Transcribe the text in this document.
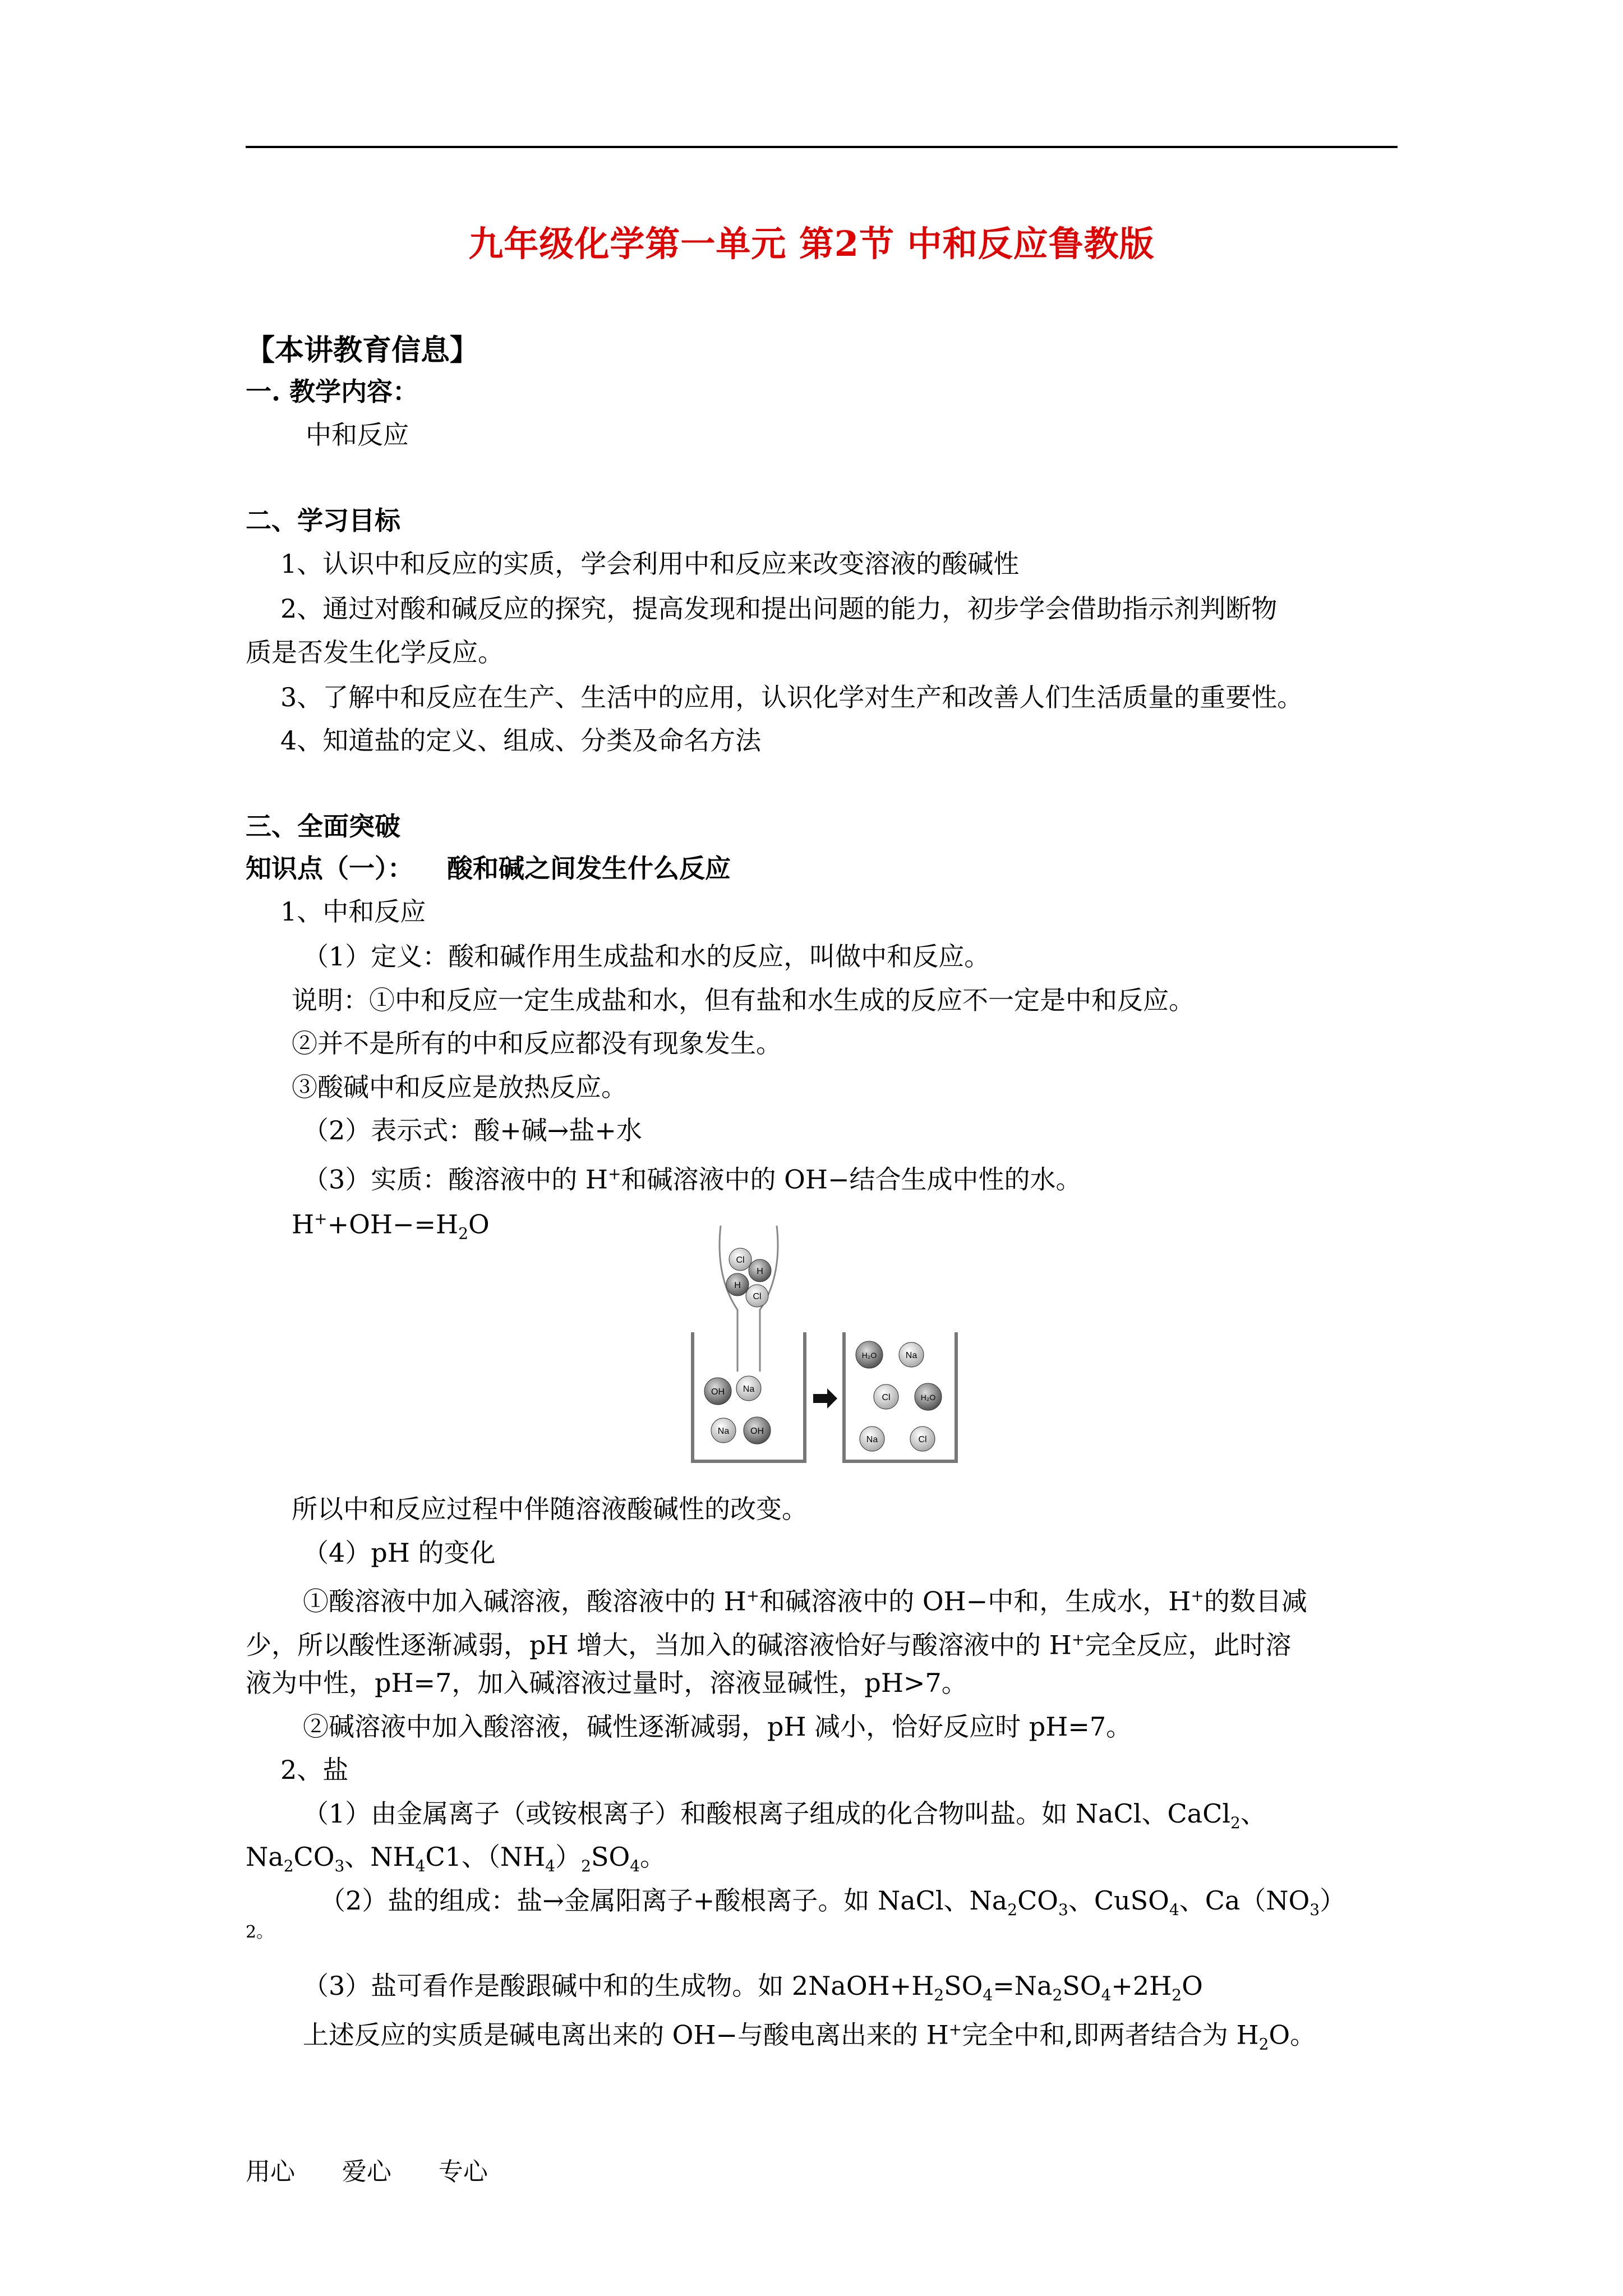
九年级化学第一单元 第2节 中和反应鲁教版
【本讲教育信息】
一. 教学内容：
中和反应
二、学习目标
1、认识中和反应的实质，学会利用中和反应来改变溶液的酸碱性
2、通过对酸和碱反应的探究，提高发现和提出问题的能力，初步学会借助指示剂判断物
质是否发生化学反应。
3、了解中和反应在生产、生活中的应用，认识化学对生产和改善人们生活质量的重要性。
4、知道盐的定义、组成、分类及命名方法
三、全面突破
知识点（一）： 酸和碱之间发生什么反应
1、中和反应
（1）定义：酸和碱作用生成盐和水的反应，叫做中和反应。
说明：①中和反应一定生成盐和水，但有盐和水生成的反应不一定是中和反应。
②并不是所有的中和反应都没有现象发生。
③酸碱中和反应是放热反应。
（2）表示式：酸+碱→盐+水
（3）实质：酸溶液中的 H+和碱溶液中的 OH−结合生成中性的水。
$H^++OH-=H_2O$
Cl
H
H
Cl
OH Na
Na OH
H₂O	Na
Cl	H₂O
Na	Cl
所以中和反应过程中伴随溶液酸碱性的改变。
（4）pH 的变化
①酸溶液中加入碱溶液，酸溶液中的 H+和碱溶液中的 OH−中和，生成水，H+的数目减
少，所以酸性逐渐减弱，pH 增大，当加入的碱溶液恰好与酸溶液中的 H+完全反应，此时溶
液为中性，pH=7，加入碱溶液过量时，溶液显碱性，pH>7。
②碱溶液中加入酸溶液，碱性逐渐减弱，pH 减小，恰好反应时 pH=7。
2、盐
（1）由金属离子（或铵根离子）和酸根离子组成的化合物叫盐。如 NaCl、CaCl$_2$、
$Na_2CO_3$、$NH_4C1$、$(NH_4)_2SO_4$。
（2）盐的组成：盐→金属阳离子+酸根离子。如 NaCl、$Na_2CO_3$、CuSO$_4$、$Ca(NO_3)$
2。
（3）盐可看作是酸跟碱中和的生成物。如 $2NaOH+H_2SO_4=Na_2SO_4+2H_2O$
上述反应的实质是碱电离出来的 OH−与酸电离出来的 H+完全中和,即两者结合为 $H_2O$。
用心 爱心 专心
